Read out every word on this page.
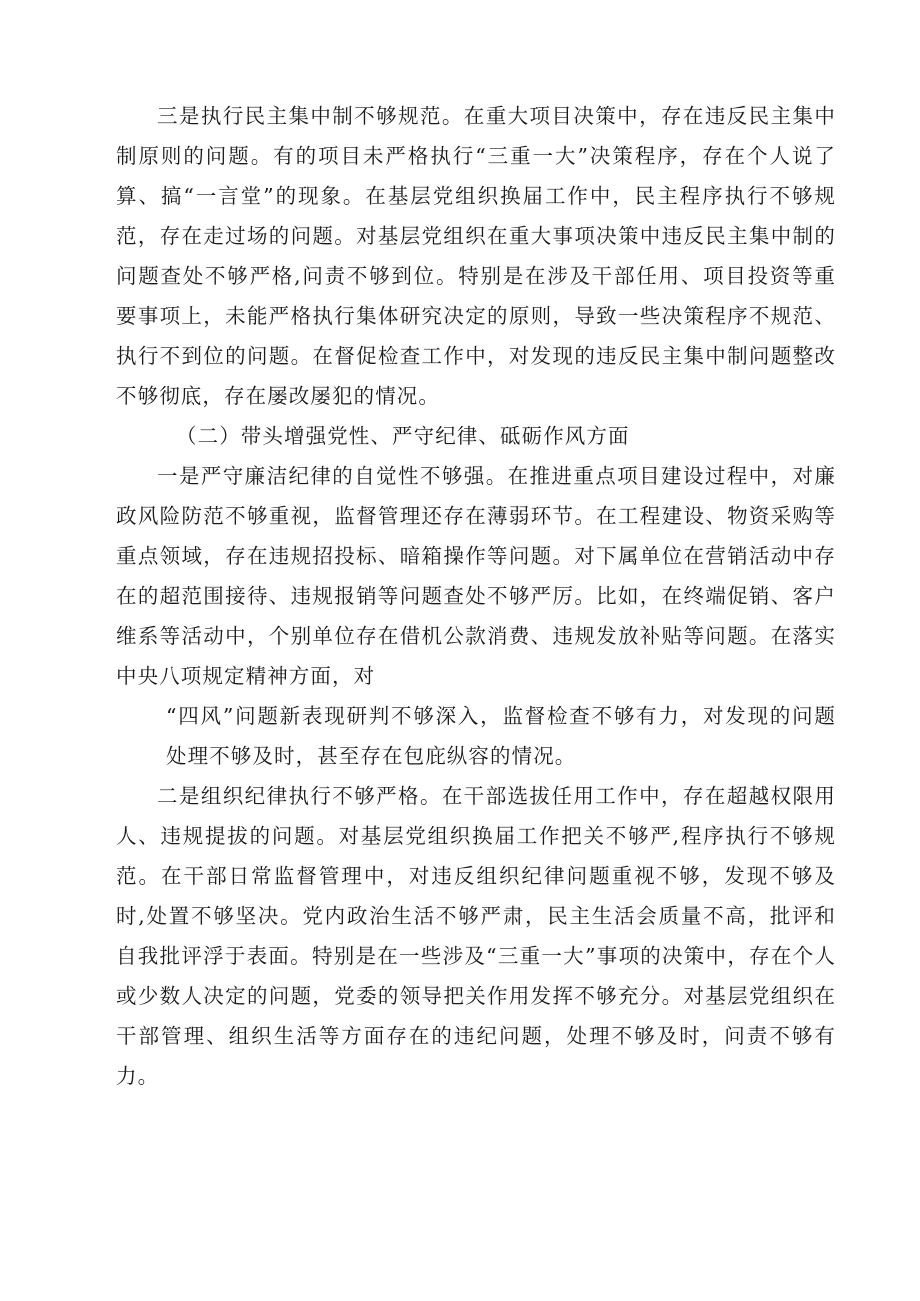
三是执行民主集中制不够规范。在重大项目决策中，存在违反民主集中制原则的问题。有的项目未严格执行“三重一大”决策程序，存在个人说了算、搞“一言堂”的现象。在基层党组织换届工作中，民主程序执行不够规范，存在走过场的问题。对基层党组织在重大事项决策中违反民主集中制的问题查处不够严格,问责不够到位。特别是在涉及干部任用、项目投资等重要事项上，未能严格执行集体研究决定的原则，导致一些决策程序不规范、执行不到位的问题。在督促检查工作中，对发现的违反民主集中制问题整改不够彻底，存在屡改屡犯的情况。

（二）带头增强党性、严守纪律、砥砺作风方面

一是严守廉洁纪律的自觉性不够强。在推进重点项目建设过程中，对廉政风险防范不够重视，监督管理还存在薄弱环节。在工程建设、物资采购等重点领域，存在违规招投标、暗箱操作等问题。对下属单位在营销活动中存在的超范围接待、违规报销等问题查处不够严厉。比如，在终端促销、客户维系等活动中，个别单位存在借机公款消费、违规发放补贴等问题。在落实中央八项规定精神方面，对

“四风”问题新表现研判不够深入，监督检查不够有力，对发现的问题处理不够及时，甚至存在包庇纵容的情况。

二是组织纪律执行不够严格。在干部选拔任用工作中，存在超越权限用人、违规提拔的问题。对基层党组织换届工作把关不够严,程序执行不够规范。在干部日常监督管理中，对违反组织纪律问题重视不够，发现不够及时,处置不够坚决。党内政治生活不够严肃，民主生活会质量不高，批评和自我批评浮于表面。特别是在一些涉及“三重一大”事项的决策中，存在个人或少数人决定的问题，党委的领导把关作用发挥不够充分。对基层党组织在干部管理、组织生活等方面存在的违纪问题，处理不够及时，问责不够有力。
